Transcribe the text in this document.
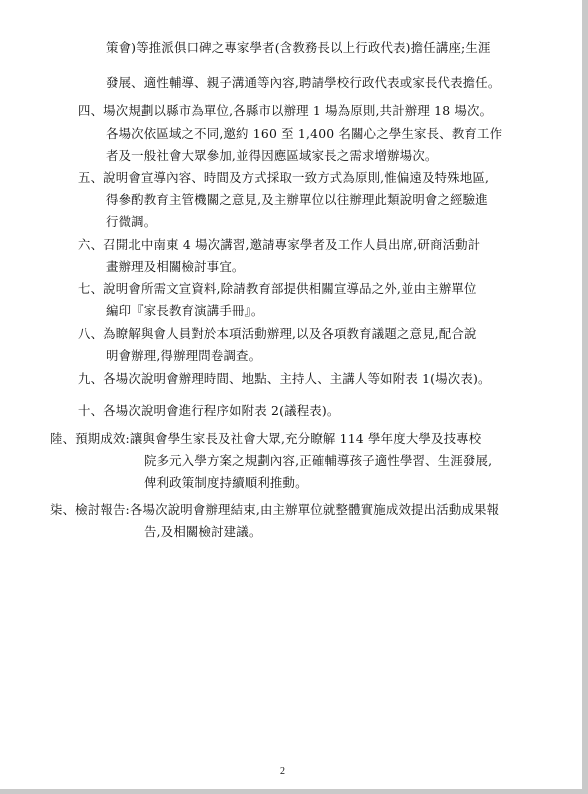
策會)等推派俱口碑之專家學者(含教務長以上行政代表)擔任講座;生涯
發展、適性輔導、親子溝通等內容,聘請學校行政代表或家長代表擔任。
四、場次規劃以縣市為單位,各縣市以辦理 1 場為原則,共計辦理 18 場次。
各場次依區域之不同,邀約 160 至 1,400 名關心之學生家長、教育工作
者及一般社會大眾參加,並得因應區域家長之需求增辦場次。
五、說明會宣導內容、時間及方式採取一致方式為原則,惟偏遠及特殊地區,
得參酌教育主管機關之意見,及主辦單位以往辦理此類說明會之經驗進
行微調。
六、召開北中南東 4 場次講習,邀請專家學者及工作人員出席,研商活動計
畫辦理及相關檢討事宜。
七、說明會所需文宣資料,除請教育部提供相關宣導品之外,並由主辦單位
編印『家長教育演講手冊』。
八、為瞭解與會人員對於本項活動辦理,以及各項教育議題之意見,配合說
明會辦理,得辦理問卷調查。
九、各場次說明會辦理時間、地點、主持人、主講人等如附表 1(場次表)。
十、各場次說明會進行程序如附表 2(議程表)。
陸、預期成效:讓與會學生家長及社會大眾,充分瞭解 114 學年度大學及技專校
院多元入學方案之規劃內容,正確輔導孩子適性學習、生涯發展,
俾利政策制度持續順利推動。
柒、檢討報告:各場次說明會辦理結束,由主辦單位就整體實施成效提出活動成果報
告,及相關檢討建議。
2
